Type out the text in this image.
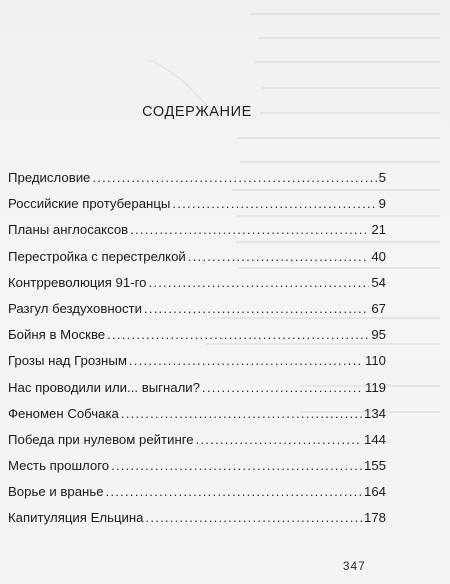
СОДЕРЖАНИЕ
Предисловие .....	5
Российские протуберанцы .....	9
Планы англосаксов .....	21
Перестройка с перестрелкой .....	40
Контрреволюция 91-го .....	54
Разгул бездуховности .....	67
Бойня в Москве .....	95
Грозы над Грозным .....	110
Нас проводили или... выгнали? .....	119
Феномен Собчака .....	134
Победа при нулевом рейтинге .....	144
Месть прошлого .....	155
Ворье и вранье .....	164
Капитуляция Ельцина .....	178
347
